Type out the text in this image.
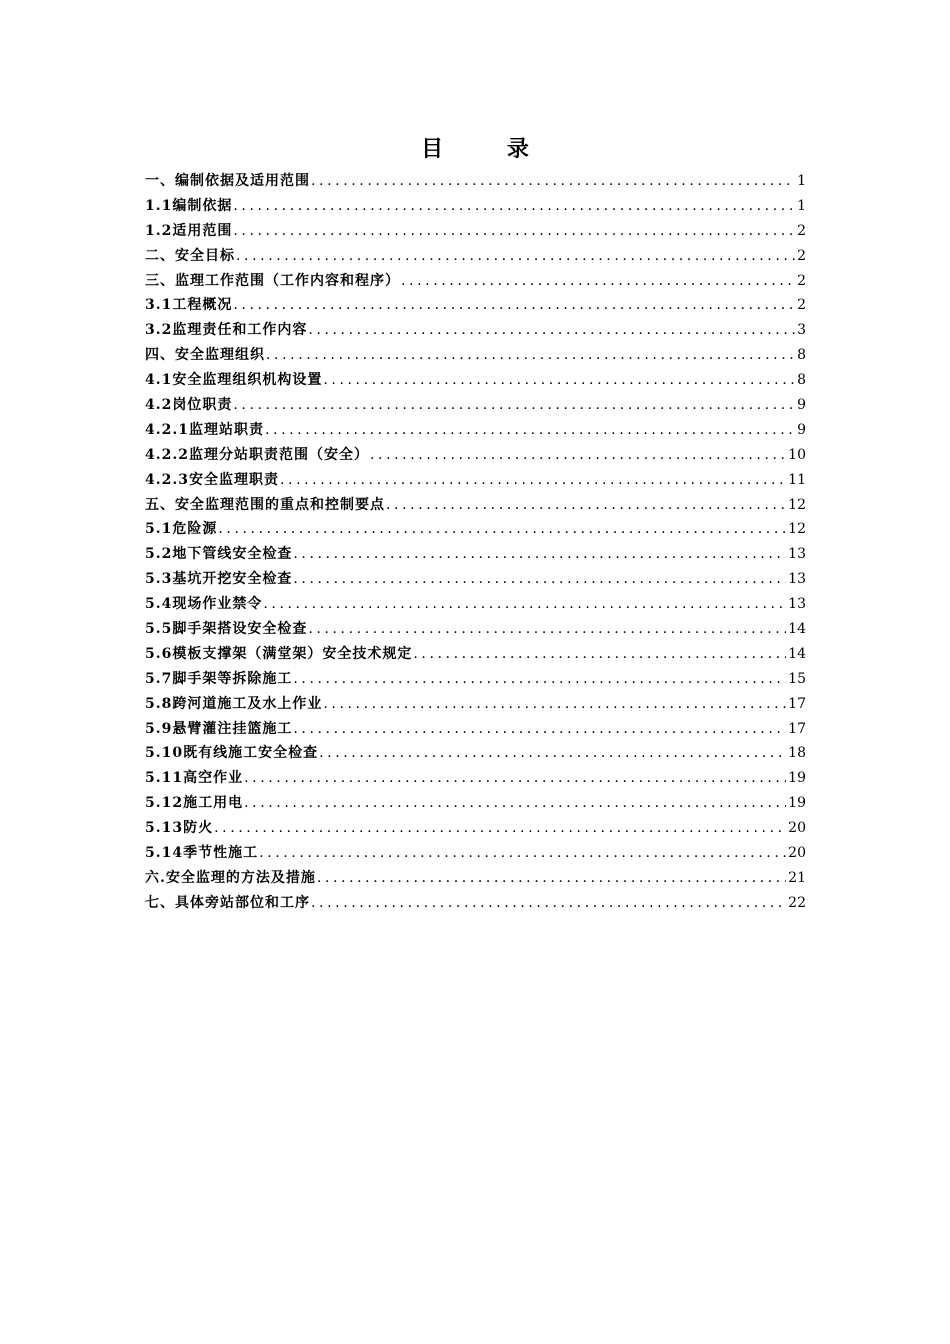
目 录
一、编制依据及适用范围 .....	1
1.1编制依据 .....	1
1.2适用范围 .....	2
二、安全目标 .....	2
三、监理工作范围（工作内容和程序） .....	2
3.1工程概况 .....	2
3.2监理责任和工作内容 .....	3
四、安全监理组织 .....	8
4.1安全监理组织机构设置 .....	8
4.2岗位职责 .....	9
4.2.1监理站职责 .....	9
4.2.2监理分站职责范围（安全） .....	10
4.2.3安全监理职责 .....	11
五、安全监理范围的重点和控制要点 .....	12
5.1危险源 .....	12
5.2地下管线安全检查 .....	13
5.3基坑开挖安全检查 .....	13
5.4现场作业禁令 .....	13
5.5脚手架搭设安全检查 .....	14
5.6模板支撑架（满堂架）安全技术规定 .....	14
5.7脚手架等拆除施工 .....	15
5.8跨河道施工及水上作业 .....	17
5.9悬臂灌注挂篮施工 .....	17
5.10既有线施工安全检查 .....	18
5.11高空作业 .....	19
5.12施工用电 .....	19
5.13防火 .....	20
5.14季节性施工 .....	20
六.安全监理的方法及措施 .....	21
七、具体旁站部位和工序 .....	22
